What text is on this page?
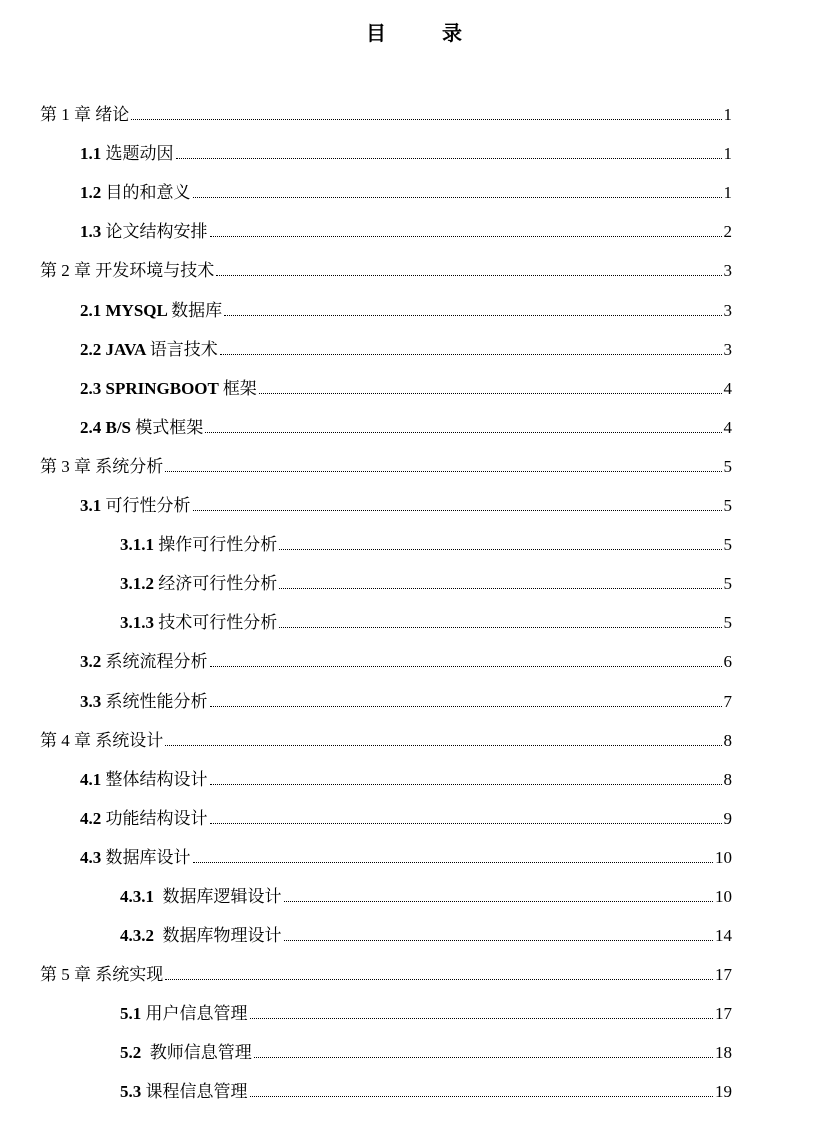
目　录
第 1 章 绪论	1
1.1 选题动因	1
1.2 目的和意义	1
1.3 论文结构安排	2
第 2 章 开发环境与技术	3
2.1 MYSQL 数据库	3
2.2 JAVA 语言技术	3
2.3 SPRINGBOOT 框架	4
2.4 B/S 模式框架	4
第 3 章 系统分析	5
3.1 可行性分析	5
3.1.1 操作可行性分析	5
3.1.2 经济可行性分析	5
3.1.3 技术可行性分析	5
3.2 系统流程分析	6
3.3 系统性能分析	7
第 4 章 系统设计	8
4.1 整体结构设计	8
4.2 功能结构设计	9
4.3 数据库设计	10
4.3.1 数据库逻辑设计	10
4.3.2 数据库物理设计	14
第 5 章 系统实现	17
5.1 用户信息管理	17
5.2 教师信息管理	18
5.3 课程信息管理	19
